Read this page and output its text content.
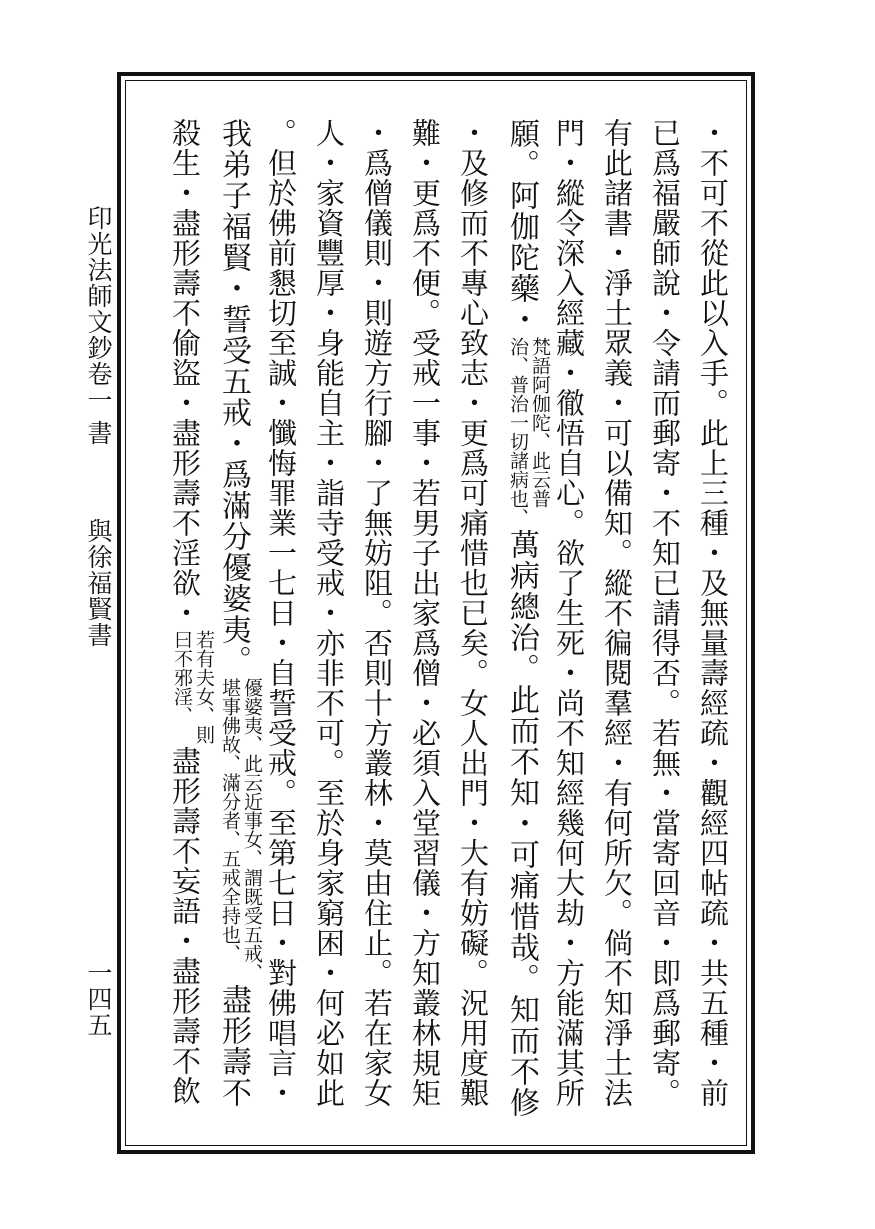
印光法師文鈔卷一
書
與徐福賢書
一四五	・不可不從此以入手。此上三種・及無量壽經疏・觀經四帖疏・共五種・前
已爲福嚴師說・令請而郵寄・不知已請得否。若無・當寄回音・即爲郵寄。
有此諸書・淨土眾義・可以備知。縱不徧閱羣經・有何所欠。倘不知淨土法
門・縱令深入經藏・徹悟自心。欲了生死・尚不知經幾何大劫・方能滿其所
願。阿伽陀藥・梵語阿伽陀、此云普
治、普治一切諸病也、萬病總治。此而不知・可痛惜哉。知而不修
・及修而不專心致志・更爲可痛惜也已矣。女人出門・大有妨礙。況用度艱
難・更爲不便。受戒一事・若男子出家爲僧・必須入堂習儀・方知叢林規矩
・爲僧儀則・則遊方行腳・了無妨阻。否則十方叢林・莫由住止。若在家女
人・家資豐厚・身能自主・詣寺受戒・亦非不可。至於身家窮困・何必如此
。但於佛前懇切至誠・懺悔罪業一七日・自誓受戒。至第七日・對佛唱言・
我弟子福賢・誓受五戒・爲滿分優婆夷。優婆夷、此云近事女、謂既受五戒、
堪事佛故、滿分者、五戒全持也、盡形壽不
殺生・盡形壽不偷盜・盡形壽不淫欲・若有夫女、則
曰不邪淫、盡形壽不妄語・盡形壽不飲
